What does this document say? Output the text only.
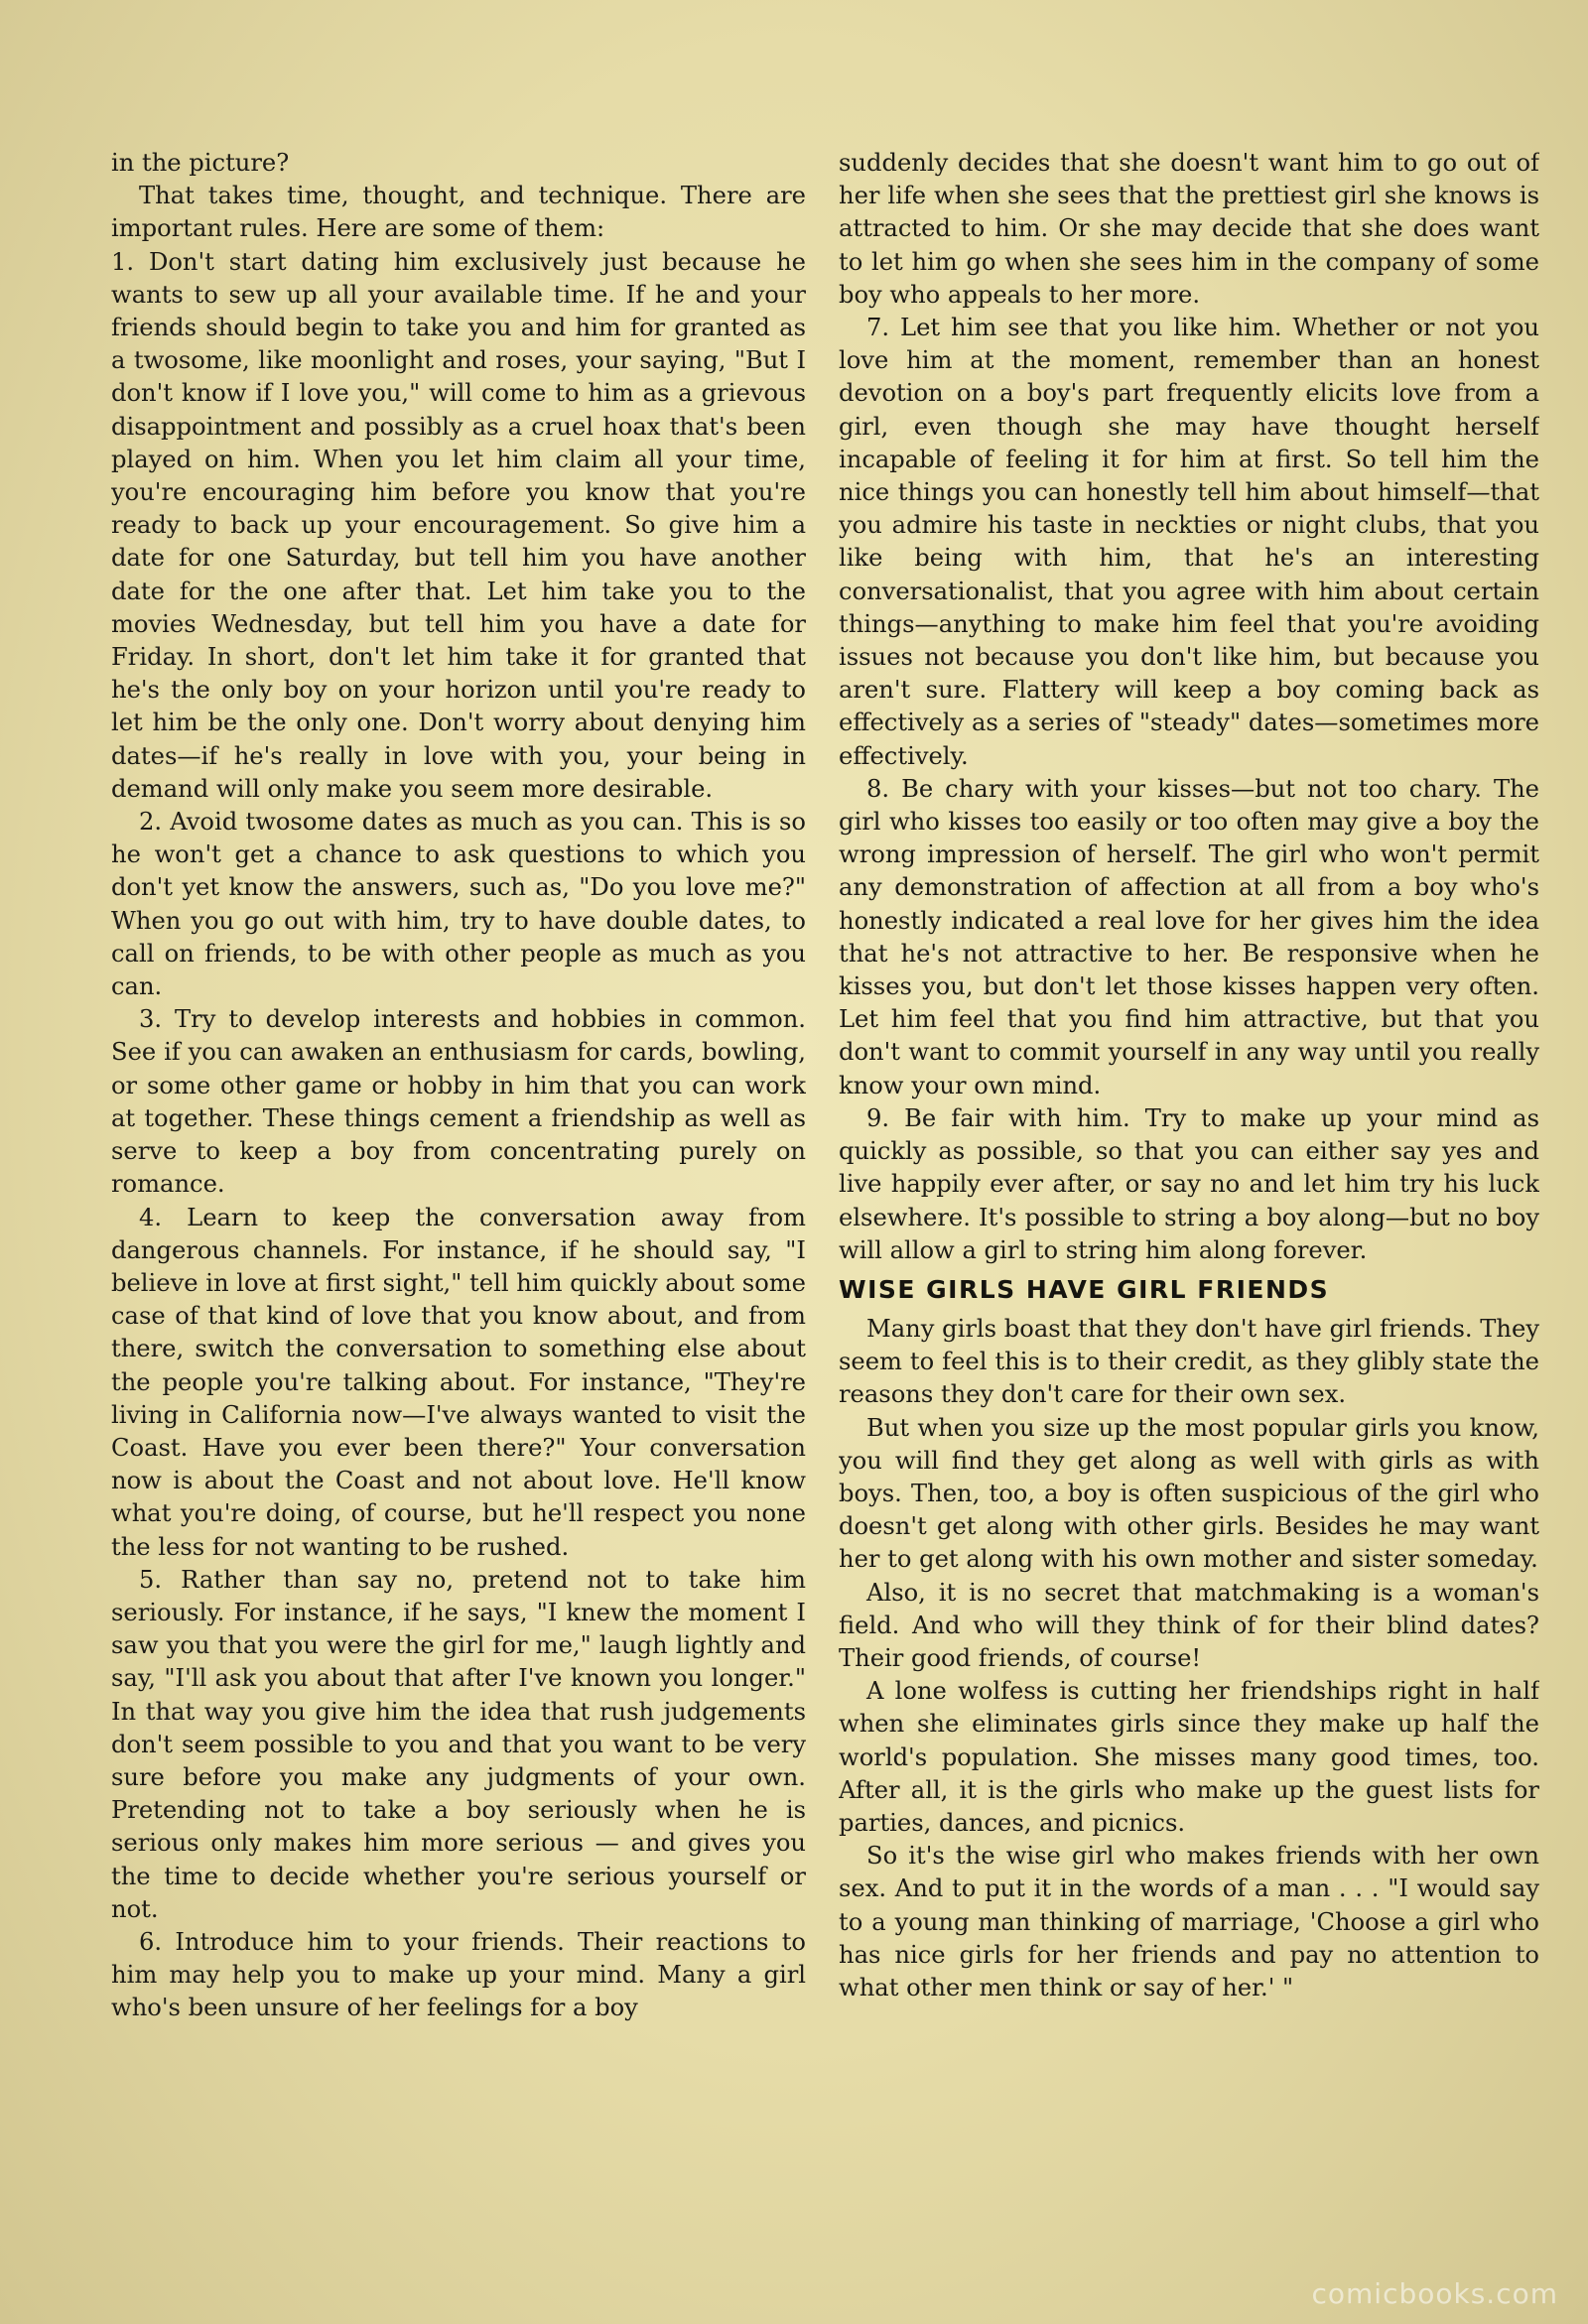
in the picture?

That takes time, thought, and technique. There are important rules. Here are some of them:

1. Don't start dating him exclusively just because he wants to sew up all your available time. If he and your friends should begin to take you and him for granted as a twosome, like moonlight and roses, your saying, "But I don't know if I love you," will come to him as a grievous disappointment and possibly as a cruel hoax that's been played on him. When you let him claim all your time, you're encouraging him before you know that you're ready to back up your encouragement. So give him a date for one Saturday, but tell him you have another date for the one after that. Let him take you to the movies Wednesday, but tell him you have a date for Friday. In short, don't let him take it for granted that he's the only boy on your horizon until you're ready to let him be the only one. Don't worry about denying him dates—if he's really in love with you, your being in demand will only make you seem more desirable.

2. Avoid twosome dates as much as you can. This is so he won't get a chance to ask questions to which you don't yet know the answers, such as, "Do you love me?" When you go out with him, try to have double dates, to call on friends, to be with other people as much as you can.

3. Try to develop interests and hobbies in common. See if you can awaken an enthusiasm for cards, bowling, or some other game or hobby in him that you can work at together. These things cement a friendship as well as serve to keep a boy from concentrating purely on romance.

4. Learn to keep the conversation away from dangerous channels. For instance, if he should say, "I believe in love at first sight," tell him quickly about some case of that kind of love that you know about, and from there, switch the conversation to something else about the people you're talking about. For instance, "They're living in California now—I've always wanted to visit the Coast. Have you ever been there?" Your conversation now is about the Coast and not about love. He'll know what you're doing, of course, but he'll respect you none the less for not wanting to be rushed.

5. Rather than say no, pretend not to take him seriously. For instance, if he says, "I knew the moment I saw you that you were the girl for me," laugh lightly and say, "I'll ask you about that after I've known you longer." In that way you give him the idea that rush judgements don't seem possible to you and that you want to be very sure before you make any judgments of your own. Pretending not to take a boy seriously when he is serious only makes him more serious — and gives you the time to decide whether you're serious yourself or not.

6. Introduce him to your friends. Their reactions to him may help you to make up your mind. Many a girl who's been unsure of her feelings for a boy

suddenly decides that she doesn't want him to go out of her life when she sees that the prettiest girl she knows is attracted to him. Or she may decide that she does want to let him go when she sees him in the company of some boy who appeals to her more.

7. Let him see that you like him. Whether or not you love him at the moment, remember than an honest devotion on a boy's part frequently elicits love from a girl, even though she may have thought herself incapable of feeling it for him at first. So tell him the nice things you can honestly tell him about himself—that you admire his taste in neckties or night clubs, that you like being with him, that he's an interesting conversationalist, that you agree with him about certain things—anything to make him feel that you're avoiding issues not because you don't like him, but because you aren't sure. Flattery will keep a boy coming back as effectively as a series of "steady" dates—sometimes more effectively.

8. Be chary with your kisses—but not too chary. The girl who kisses too easily or too often may give a boy the wrong impression of herself. The girl who won't permit any demonstration of affection at all from a boy who's honestly indicated a real love for her gives him the idea that he's not attractive to her. Be responsive when he kisses you, but don't let those kisses happen very often. Let him feel that you find him attractive, but that you don't want to commit yourself in any way until you really know your own mind.

9. Be fair with him. Try to make up your mind as quickly as possible, so that you can either say yes and live happily ever after, or say no and let him try his luck elsewhere. It's possible to string a boy along—but no boy will allow a girl to string him along forever.

WISE GIRLS HAVE GIRL FRIENDS

Many girls boast that they don't have girl friends. They seem to feel this is to their credit, as they glibly state the reasons they don't care for their own sex.

But when you size up the most popular girls you know, you will find they get along as well with girls as with boys. Then, too, a boy is often suspicious of the girl who doesn't get along with other girls. Besides he may want her to get along with his own mother and sister someday.

Also, it is no secret that matchmaking is a woman's field. And who will they think of for their blind dates? Their good friends, of course!

A lone wolfess is cutting her friendships right in half when she eliminates girls since they make up half the world's population. She misses many good times, too. After all, it is the girls who make up the guest lists for parties, dances, and picnics.

So it's the wise girl who makes friends with her own sex. And to put it in the words of a man . . . "I would say to a young man thinking of marriage, 'Choose a girl who has nice girls for her friends and pay no attention to what other men think or say of her.' "

comicbooks.com
